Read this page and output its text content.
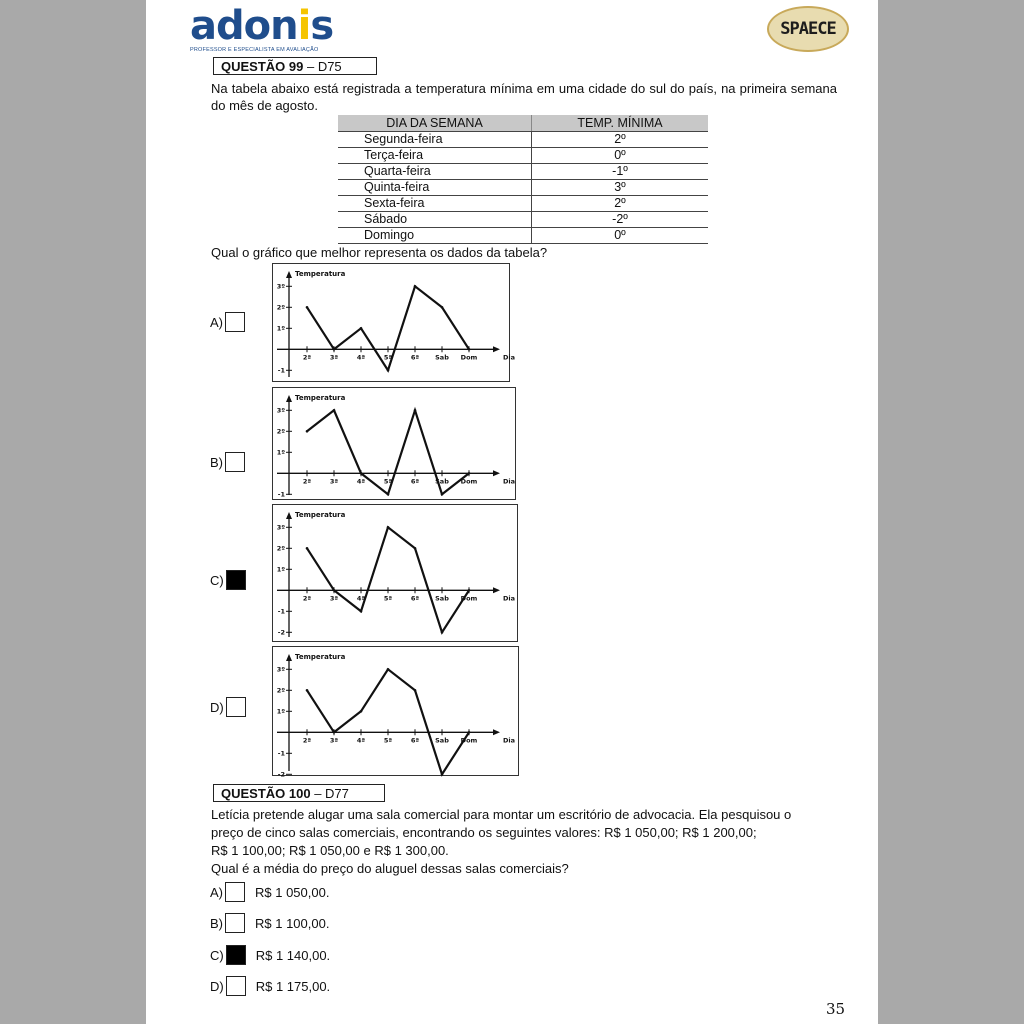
adonis
PROFESSOR E ESPECIALISTA EM AVALIAÇÃO
SPAECE
QUESTÃO 99 – D75
Na tabela abaixo está registrada a temperatura mínima em uma cidade do sul do país, na primeira semana do mês de agosto.
DIA DA SEMANA	TEMP. MÍNIMA
Segunda-feira	2º
Terça-feira	0º
Quarta-feira	-1º
Quinta-feira	3º
Sexta-feira	2º
Sábado	-2º
Domingo	0º
Qual o gráfico que melhor representa os dados da tabela?
A)
Temperatura
3º
2º
1º
-1
2ª	3ª	4ª	5ª	6ª Sab Dom	Dia
B)
Temperatura
3º
2º
1º
-1
2ª	3ª	4ª	5ª	6ª Sab Dom	Dia
C)
Temperatura
3º
2º
1º
-1
-2
2ª	3ª	4ª	5ª	6ª Sab Dom	Dia
D)
Temperatura
3º
2º
1º
-1
-2
2ª	3ª	4ª	5ª	6ª Sab Dom	Dia
QUESTÃO 100 – D77
Letícia pretende alugar uma sala comercial para montar um escritório de advocacia. Ela pesquisou o
preço de cinco salas comerciais, encontrando os seguintes valores: R$ 1 050,00; R$ 1 200,00;
R$ 1 100,00; R$ 1 050,00 e R$ 1 300,00.
Qual é a média do preço do aluguel dessas salas comerciais?
A) R$ 1 050,00.
B) R$ 1 100,00.
C) R$ 1 140,00.
D) R$ 1 175,00.
35
